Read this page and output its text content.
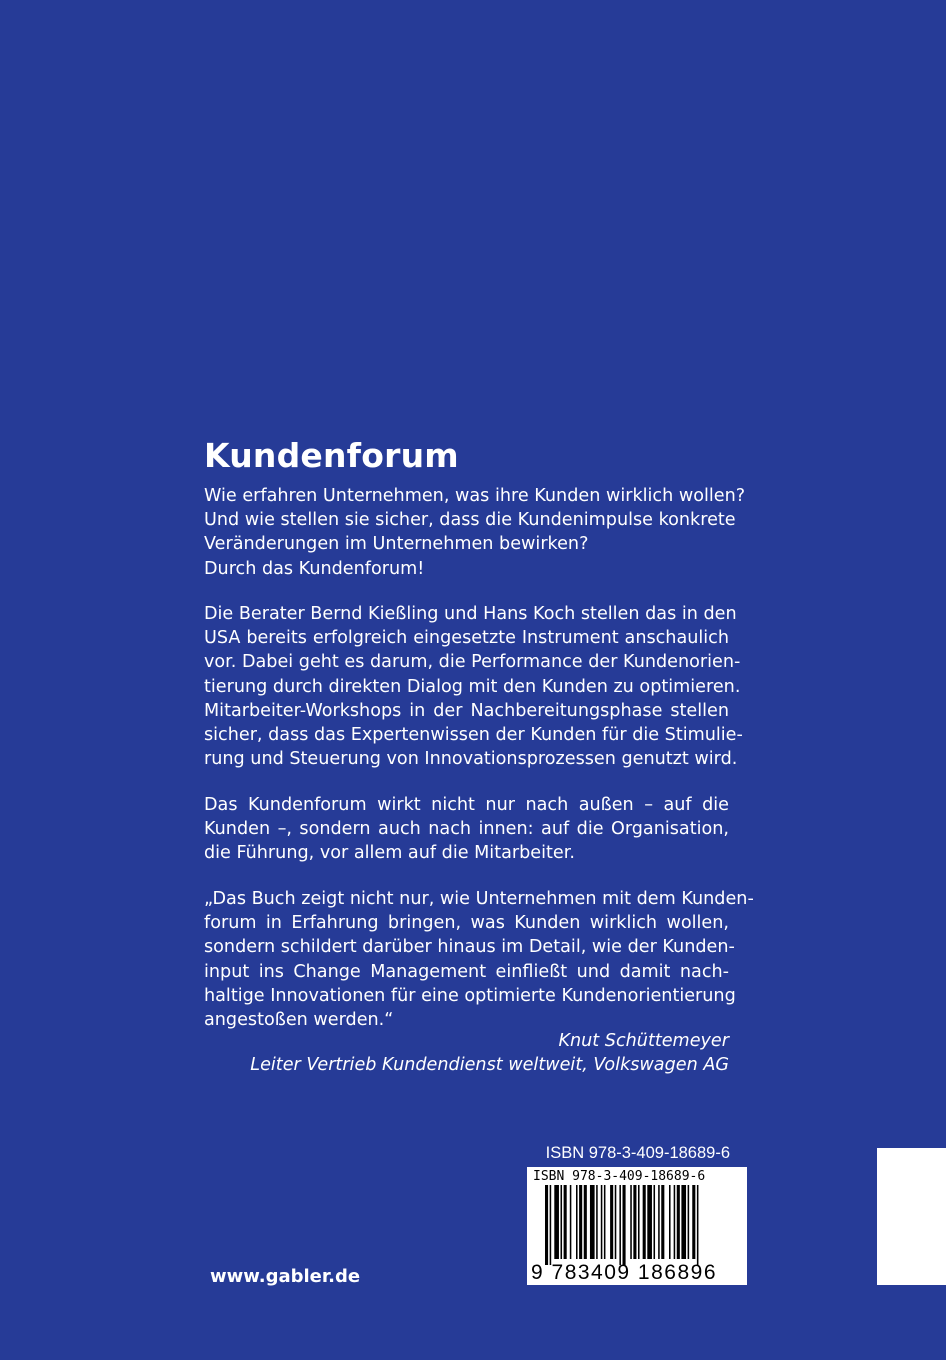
Kundenforum
Wie erfahren Unternehmen, was ihre Kunden wirklich wollen?
Und wie stellen sie sicher, dass die Kundenimpulse konkrete
Veränderungen im Unternehmen bewirken?
Durch das Kundenforum!
Die Berater Bernd Kießling und Hans Koch stellen das in den
USA bereits erfolgreich eingesetzte Instrument anschaulich
vor. Dabei geht es darum, die Performance der Kundenorien-
tierung durch direkten Dialog mit den Kunden zu optimieren.
Mitarbeiter-Workshops in der Nachbereitungsphase stellen
sicher, dass das Expertenwissen der Kunden für die Stimulie-
rung und Steuerung von Innovationsprozessen genutzt wird.
Das Kundenforum wirkt nicht nur nach außen – auf die
Kunden –, sondern auch nach innen: auf die Organisation,
die Führung, vor allem auf die Mitarbeiter.
„Das Buch zeigt nicht nur, wie Unternehmen mit dem Kunden-
forum in Erfahrung bringen, was Kunden wirklich wollen,
sondern schildert darüber hinaus im Detail, wie der Kunden-
input ins Change Management einfließt und damit nach-
haltige Innovationen für eine optimierte Kundenorientierung
angestoßen werden.“
Knut Schüttemeyer
Leiter Vertrieb Kundendienst weltweit, Volkswagen AG
ISBN 978-3-409-18689-6
ISBN 978-3-409-18689-6
9 783409 186896
www.gabler.de
